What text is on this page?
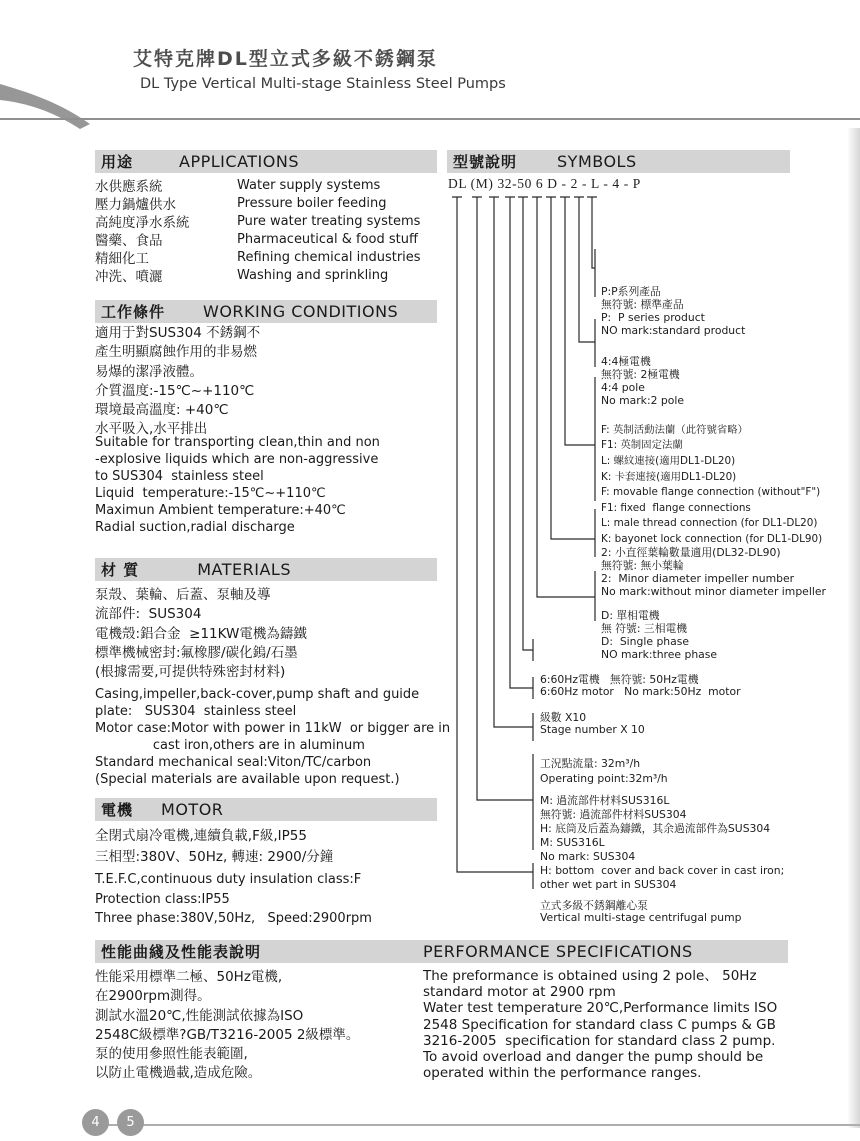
艾特克牌DL型立式多級不銹鋼泵
DL Type Vertical Multi-stage Stainless Steel Pumps
用途	APPLICATIONS
水供應系統	Water supply systems
壓力鍋爐供水	Pressure boiler feeding
高純度凈水系統	Pure water treating systems
醫藥、食品	Pharmaceutical & food stuff
精細化工	Refining chemical industries
冲洗、噴灑	Washing and sprinkling
工作條件 WORKING CONDITIONS
適用于對SUS304 不銹鋼不
產生明顯腐蝕作用的非易燃
易爆的潔凈液體。
介質溫度:-15℃~+110℃
環境最高溫度: +40℃
水平吸入,水平排出
Suitable for transporting clean,thin and non
-explosive liquids which are non-aggressive
to SUS304  stainless steel
Liquid  temperature:-15℃~+110℃
Maximun Ambient temperature:+40℃
Radial suction,radial discharge
材 質	MATERIALS
泵殼、葉輪、后蓋、泵軸及導
流部件:  SUS304
電機殼:鋁合金  ≥11KW電機為鑄鐵
標準機械密封:氟橡膠/碳化鎢/石墨
(根據需要,可提供特殊密封材料)
Casing,impeller,back-cover,pump shaft and guide
plate:   SUS304  stainless steel
Motor case:Motor with power in 11kW  or bigger are in
cast iron,others are in aluminum
Standard mechanical seal:Viton/TC/carbon
(Special materials are available upon request.)
電機 MOTOR
全閉式扇冷電機,連續負載,F級,IP55
三相型:380V、50Hz, 轉速: 2900/分鐘
T.E.F.C,continuous duty insulation class:F
Protection class:IP55
Three phase:380V,50Hz,   Speed:2900rpm
型號說明	SYMBOLS
DL (M) 32-50 6 D - 2 - L - 4 - P

P:P系列產品
無符號: 標準產品
P:  P series product
NO mark:standard product

4:4極電機
無符號: 2極電機
4:4 pole
No mark:2 pole

F: 英制活動法蘭（此符號省略）
F1: 英制固定法蘭
L: 螺紋連接(適用DL1-DL20)
K: 卡套連接(適用DL1-DL20)
F: movable flange connection (without"F")
F1: fixed  flange connections
L: male thread connection (for DL1-DL20)
K: bayonet lock connection (for DL1-DL90)

2: 小直徑葉輪數量適用(DL32-DL90)
無符號: 無小葉輪
2:  Minor diameter impeller number
No mark:without minor diameter impeller

D: 單相電機
無 符號: 三相電機
D:  Single phase
NO mark:three phase

6:60Hz電機   無符號: 50Hz電機
6:60Hz motor   No mark:50Hz  motor

級數 X10
Stage number X 10

工況點流量: 32m³/h
Operating point:32m³/h

M: 過流部件材料SUS316L
無符號: 過流部件材料SUS304
H: 底筒及后蓋為鑄鐵，其余過流部件為SUS304
M: SUS316L
No mark: SUS304
H: bottom  cover and back cover in cast iron;
other wet part in SUS304

立式多級不銹鋼離心泵
Vertical multi-stage centrifugal pump
性能曲綫及性能表說明	PERFORMANCE SPECIFICATIONS
性能采用標準二極、50Hz電機,
在2900rpm測得。
測試水溫20℃,性能測試依據為ISO
2548C級標準?GB/T3216-2005 2級標準。
泵的使用參照性能表範圍,
以防止電機過載,造成危險。
The preformance is obtained using 2 pole、 50Hz
standard motor at 2900 rpm
Water test temperature 20℃,Performance limits ISO
2548 Specification for standard class C pumps & GB
3216-2005  specification for standard class 2 pump.
To avoid overload and danger the pump should be
operated within the performance ranges.
4	5
